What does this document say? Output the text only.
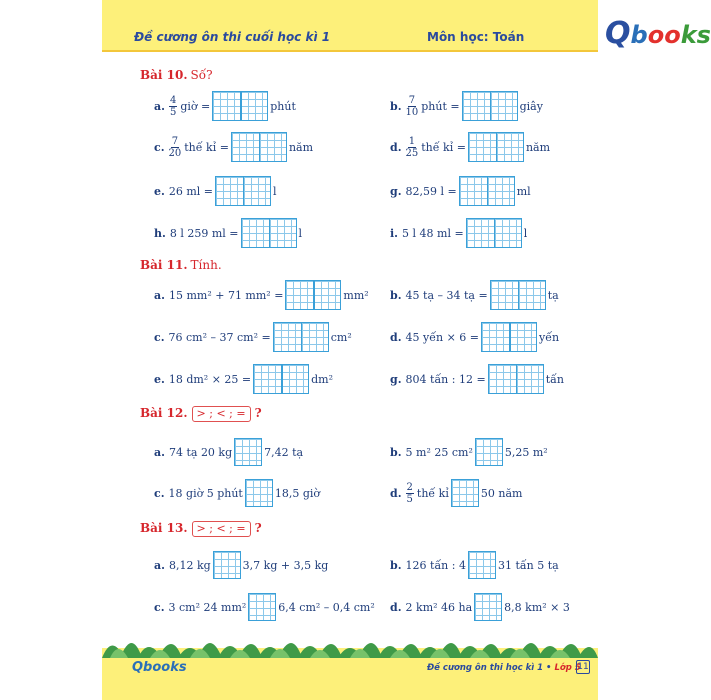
Đề cương ôn thi cuối học kì 1	Môn học: Toán
Bài 10. Số?
a. $\frac{4}{5}$ giờ =	phút	b. $\frac{7}{10}$ phút =	giây
c. $\frac{7}{20}$ thế kỉ =	năm	d. $\frac{1}{25}$ thế kỉ =	năm
e. 26 ml =	l	g. 82,59 l =	ml
h. 8 l 259 ml =	l	i. 5 l 48 ml =	l
Bài 11. Tính.
a. 15 mm² + 71 mm² =	mm² b. 45 tạ – 34 tạ =	tạ
c. 76 cm² – 37 cm² =	cm²	d. 45 yến × 6 =	yến
e. 18 dm² × 25 =	dm²	g. 804 tấn : 12 =	tấn
Bài 12. > ; < ; = ?
a. 74 tạ 20 kg	7,42 tạ	b. 5 m² 25 cm²	5,25 m²
c. 18 giờ 5 phút	18,5 giờ	d. $\frac{2}{5}$ thế kỉ	50 năm
Bài 13. > ; < ; = ?
a. 8,12 kg	3,7 kg + 3,5 kg	b. 126 tấn : 4	31 tấn 5 tạ
c. 3 cm² 24 mm²	6,4 cm² – 0,4 cm² d. 2 km² 46 ha	8,8 km² × 3
Qbooks	Đề cương ôn thi học kì 1 • Lớp 5
11
Qbooks
